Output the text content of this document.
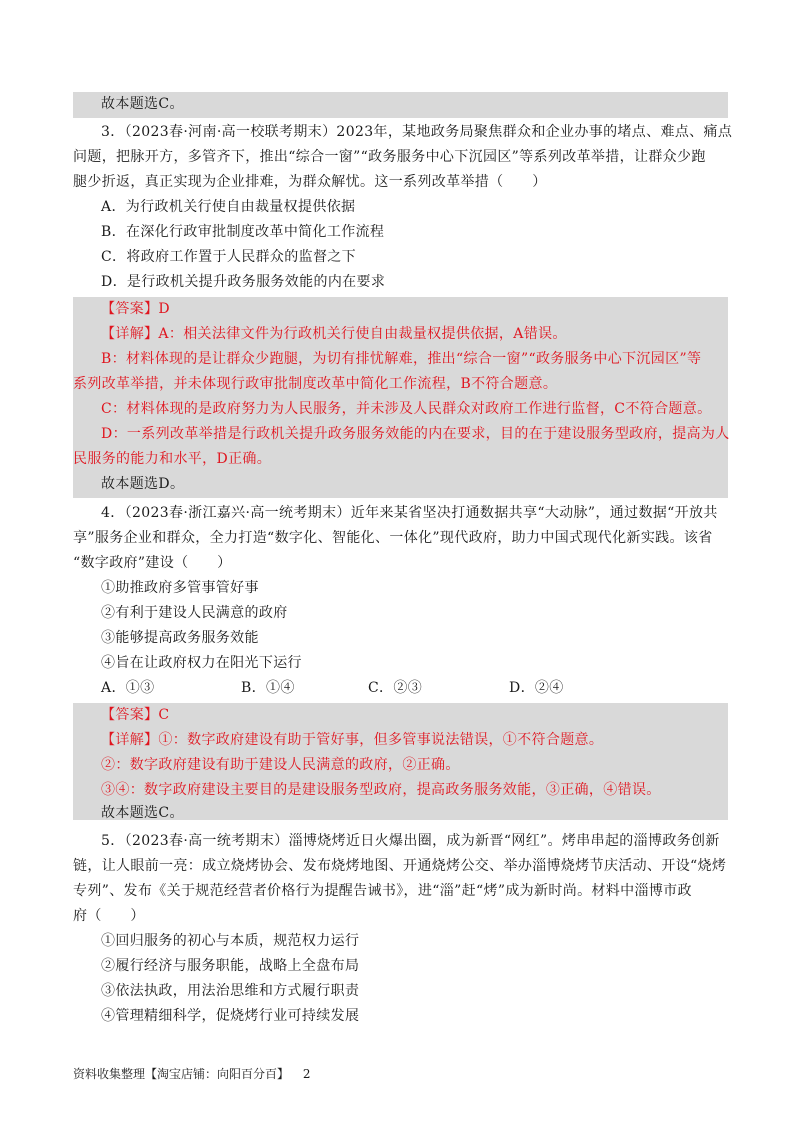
故本题选C。
3．（2023春·河南·高一校联考期末）2023年，某地政务局聚焦群众和企业办事的堵点、难点、痛点
问题，把脉开方，多管齐下，推出“综合一窗”“政务服务中心下沉园区”等系列改革举措，让群众少跑
腿少折返，真正实现为企业排难，为群众解忧。这一系列改革举措（　　）
A．为行政机关行使自由裁量权提供依据
B．在深化行政审批制度改革中简化工作流程
C．将政府工作置于人民群众的监督之下
D．是行政机关提升政务服务效能的内在要求
【答案】D
【详解】A：相关法律文件为行政机关行使自由裁量权提供依据，A错误。
B：材料体现的是让群众少跑腿，为切有排忧解难，推出“综合一窗”“政务服务中心下沉园区”等
系列改革举措，并未体现行政审批制度改革中简化工作流程，B不符合题意。
C：材料体现的是政府努力为人民服务，并未涉及人民群众对政府工作进行监督，C不符合题意。
D：一系列改革举措是行政机关提升政务服务效能的内在要求，目的在于建设服务型政府，提高为人
民服务的能力和水平，D正确。
故本题选D。
4．（2023春·浙江嘉兴·高一统考期末）近年来某省坚决打通数据共享“大动脉”，通过数据“开放共
享”服务企业和群众，全力打造“数字化、智能化、一体化”现代政府，助力中国式现代化新实践。该省
“数字政府”建设（　　）
①助推政府多管事管好事
②有利于建设人民满意的政府
③能够提高政务服务效能
④旨在让政府权力在阳光下运行
A．①③	B．①④	C．②③	D．②④
【答案】C
【详解】①：数字政府建设有助于管好事，但多管事说法错误，①不符合题意。
②：数字政府建设有助于建设人民满意的政府，②正确。
③④：数字政府建设主要目的是建设服务型政府，提高政务服务效能，③正确，④错误。
故本题选C。
5．（2023春·高一统考期末）淄博烧烤近日火爆出圈，成为新晋“网红”。烤串串起的淄博政务创新
链，让人眼前一亮：成立烧烤协会、发布烧烤地图、开通烧烤公交、举办淄博烧烤节庆活动、开设“烧烤
专列”、发布《关于规范经营者价格行为提醒告诫书》，进“淄”赶“烤”成为新时尚。材料中淄博市政
府（　　）
①回归服务的初心与本质，规范权力运行
②履行经济与服务职能，战略上全盘布局
③依法执政，用法治思维和方式履行职责
④管理精细科学，促烧烤行业可持续发展
资料收集整理【淘宝店铺：向阳百分百】 2
